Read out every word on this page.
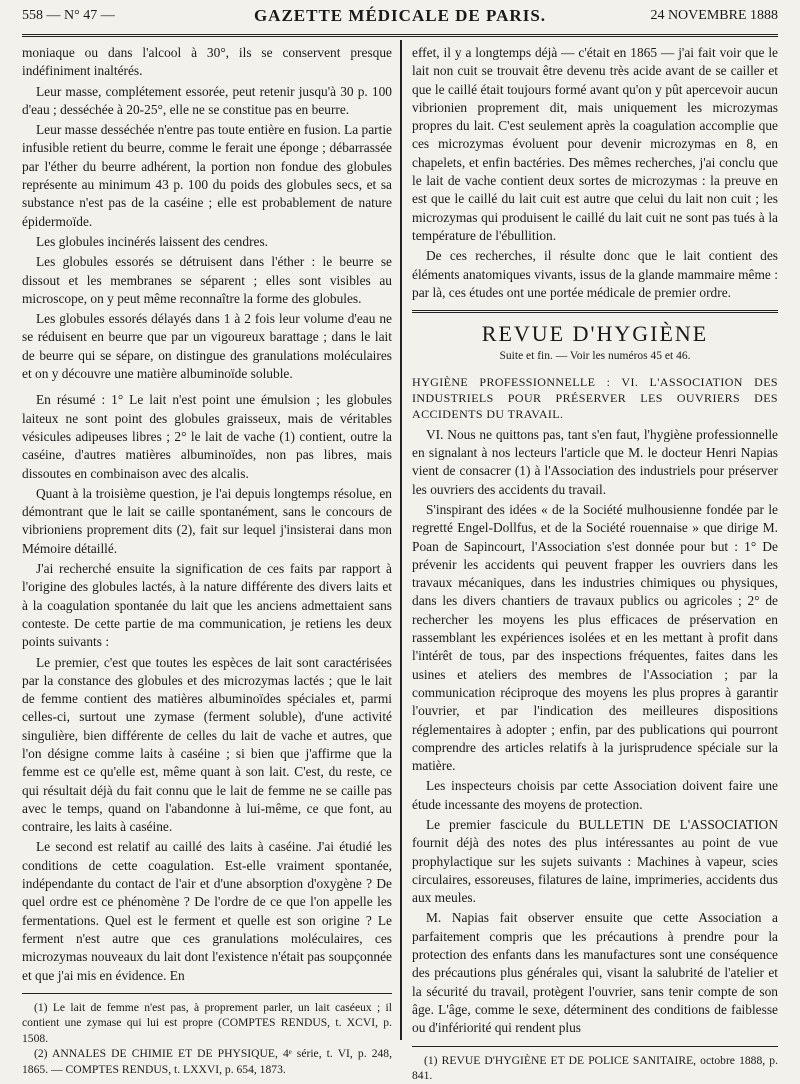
558 — N° 47 —	GAZETTE MÉDICALE DE PARIS.	24 NOVEMBRE 1888

moniaque ou dans l'alcool à 30°, ils se conservent presque indéfiniment inaltérés.

Leur masse, complétement essorée, peut retenir jusqu'à 30 p. 100 d'eau ; desséchée à 20-25°, elle ne se constitue pas en beurre.

Leur masse desséchée n'entre pas toute entière en fusion. La partie infusible retient du beurre, comme le ferait une éponge ; débarrassée par l'éther du beurre adhérent, la portion non fondue des globules représente au minimum 43 p. 100 du poids des globules secs, et sa substance n'est pas de la caséine ; elle est probablement de nature épidermoïde.

Les globules incinérés laissent des cendres.

Les globules essorés se détruisent dans l'éther : le beurre se dissout et les membranes se séparent ; elles sont visibles au microscope, on y peut même reconnaître la forme des globules.

Les globules essorés délayés dans 1 à 2 fois leur volume d'eau ne se réduisent en beurre que par un vigoureux barattage ; dans le lait de beurre qui se sépare, on distingue des granulations moléculaires et on y découvre une matière albuminoïde soluble.

En résumé : 1° Le lait n'est point une émulsion ; les globules laiteux ne sont point des globules graisseux, mais de véritables vésicules adipeuses libres ; 2° le lait de vache (1) contient, outre la caséine, d'autres matières albuminoïdes, non pas libres, mais dissoutes en combinaison avec des alcalis.

Quant à la troisième question, je l'ai depuis longtemps résolue, en démontrant que le lait se caille spontanément, sans le concours de vibrioniens proprement dits (2), fait sur lequel j'insisterai dans mon Mémoire détaillé.

J'ai recherché ensuite la signification de ces faits par rapport à l'origine des globules lactés, à la nature différente des divers laits et à la coagulation spontanée du lait que les anciens admettaient sans conteste. De cette partie de ma communication, je retiens les deux points suivants :

Le premier, c'est que toutes les espèces de lait sont caractérisées par la constance des globules et des microzymas lactés ; que le lait de femme contient des matières albuminoïdes spéciales et, parmi celles-ci, surtout une zymase (ferment soluble), d'une activité singulière, bien différente de celles du lait de vache et autres, que l'on désigne comme laits à caséine ; si bien que j'affirme que la femme est ce qu'elle est, même quant à son lait. C'est, du reste, ce qui résultait déjà du fait connu que le lait de femme ne se caille pas avec le temps, quand on l'abandonne à lui-même, ce que font, au contraire, les laits à caséine.

Le second est relatif au caillé des laits à caséine. J'ai étudié les conditions de cette coagulation. Est-elle vraiment spontanée, indépendante du contact de l'air et d'une absorption d'oxygène ? De quel ordre est ce phénomène ? De l'ordre de ce que l'on appelle les fermentations. Quel est le ferment et quelle est son origine ? Le ferment n'est autre que ces granulations moléculaires, ces microzymas nouveaux du lait dont l'existence n'était pas soupçonnée et que j'ai mis en évidence. En

(1) Le lait de femme n'est pas, à proprement parler, un lait caséeux ; il contient une zymase qui lui est propre (COMPTES RENDUS, t. XCVI, p. 1508.

(2) ANNALES DE CHIMIE ET DE PHYSIQUE, 4ᵉ série, t. VI, p. 248, 1865. — COMPTES RENDUS, t. LXXVI, p. 654, 1873.

effet, il y a longtemps déjà — c'était en 1865 — j'ai fait voir que le lait non cuit se trouvait être devenu très acide avant de se cailler et que le caillé était toujours formé avant qu'on y pût apercevoir aucun vibrionien proprement dit, mais uniquement les microzymas propres du lait. C'est seulement après la coagulation accomplie que ces microzymas évoluent pour devenir microzymas en 8, en chapelets, et enfin bactéries. Des mêmes recherches, j'ai conclu que le lait de vache contient deux sortes de microzymas : la preuve en est que le caillé du lait cuit est autre que celui du lait non cuit ; les microzymas qui produisent le caillé du lait cuit ne sont pas tués à la température de l'ébullition.

De ces recherches, il résulte donc que le lait contient des éléments anatomiques vivants, issus de la glande mammaire même : par là, ces études ont une portée médicale de premier ordre.

REVUE D'HYGIÈNE
Suite et fin. — Voir les numéros 45 et 46.

HYGIÈNE PROFESSIONNELLE : VI. L'ASSOCIATION DES INDUSTRIELS POUR PRÉSERVER LES OUVRIERS DES ACCIDENTS DU TRAVAIL.

VI. Nous ne quittons pas, tant s'en faut, l'hygiène professionnelle en signalant à nos lecteurs l'article que M. le docteur Henri Napias vient de consacrer (1) à l'Association des industriels pour préserver les ouvriers des accidents du travail.

S'inspirant des idées « de la Société mulhousienne fondée par le regretté Engel-Dollfus, et de la Société rouennaise » que dirige M. Poan de Sapincourt, l'Association s'est donnée pour but : 1° De prévenir les accidents qui peuvent frapper les ouvriers dans les travaux mécaniques, dans les industries chimiques ou physiques, dans les divers chantiers de travaux publics ou agricoles ; 2° de rechercher les moyens les plus efficaces de préservation en rassemblant les expériences isolées et en les mettant à profit dans l'intérêt de tous, par des inspections fréquentes, faites dans les usines et ateliers des membres de l'Association ; par la communication réciproque des moyens les plus propres à garantir l'ouvrier, et par l'indication des meilleures dispositions réglementaires à adopter ; enfin, par des publications qui pourront comprendre des articles relatifs à la jurisprudence spéciale sur la matière.

Les inspecteurs choisis par cette Association doivent faire une étude incessante des moyens de protection.

Le premier fascicule du BULLETIN DE L'ASSOCIATION fournit déjà des notes des plus intéressantes au point de vue prophylactique sur les sujets suivants : Machines à vapeur, scies circulaires, essoreuses, filatures de laine, imprimeries, accidents dus aux meules.

M. Napias fait observer ensuite que cette Association a parfaitement compris que les précautions à prendre pour la protection des enfants dans les manufactures sont une conséquence des précautions plus générales qui, visant la salubrité de l'atelier et la sécurité du travail, protègent l'ouvrier, sans tenir compte de son âge. L'âge, comme le sexe, déterminent des conditions de faiblesse ou d'infériorité qui rendent plus

(1) REVUE D'HYGIÈNE ET DE POLICE SANITAIRE, octobre 1888, p. 841.
